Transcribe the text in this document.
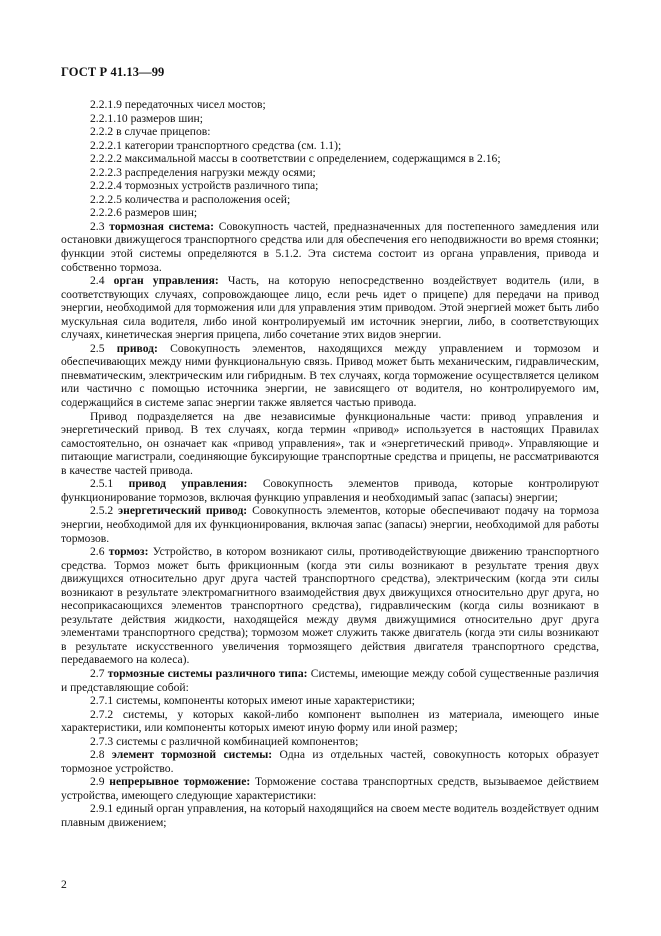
ГОСТ Р 41.13—99

2.2.1.9 передаточных чисел мостов;

2.2.1.10 размеров шин;

2.2.2 в случае прицепов:

2.2.2.1 категории транспортного средства (см. 1.1);

2.2.2.2 максимальной массы в соответствии с определением, содержащимся в 2.16;

2.2.2.3 распределения нагрузки между осями;

2.2.2.4 тормозных устройств различного типа;

2.2.2.5 количества и расположения осей;

2.2.2.6 размеров шин;

2.3 тормозная система: Совокупность частей, предназначенных для постепенного замедления или остановки движущегося транспортного средства или для обеспечения его неподвижности во время стоянки; функции этой системы определяются в 5.1.2. Эта система состоит из органа управления, привода и собственно тормоза.

2.4 орган управления: Часть, на которую непосредственно воздействует водитель (или, в соответствующих случаях, сопровождающее лицо, если речь идет о прицепе) для передачи на привод энергии, необходимой для торможения или для управления этим приводом. Этой энергией может быть либо мускульная сила водителя, либо иной контролируемый им источник энергии, либо, в соответствующих случаях, кинетическая энергия прицепа, либо сочетание этих видов энергии.

2.5 привод: Совокупность элементов, находящихся между управлением и тормозом и обеспечивающих между ними функциональную связь. Привод может быть механическим, гидравлическим, пневматическим, электрическим или гибридным. В тех случаях, когда торможение осуществляется целиком или частично с помощью источника энергии, не зависящего от водителя, но контролируемого им, содержащийся в системе запас энергии также является частью привода.

Привод подразделяется на две независимые функциональные части: привод управления и энергетический привод. В тех случаях, когда термин «привод» используется в настоящих Правилах самостоятельно, он означает как «привод управления», так и «энергетический привод». Управляющие и питающие магистрали, соединяющие буксирующие транспортные средства и прицепы, не рассматриваются в качестве частей привода.

2.5.1 привод управления: Совокупность элементов привода, которые контролируют функционирование тормозов, включая функцию управления и необходимый запас (запасы) энергии;

2.5.2 энергетический привод: Совокупность элементов, которые обеспечивают подачу на тормоза энергии, необходимой для их функционирования, включая запас (запасы) энергии, необходимой для работы тормозов.

2.6 тормоз: Устройство, в котором возникают силы, противодействующие движению транспортного средства. Тормоз может быть фрикционным (когда эти силы возникают в результате трения двух движущихся относительно друг друга частей транспортного средства), электрическим (когда эти силы возникают в результате электромагнитного взаимодействия двух движущихся относительно друг друга, но несоприкасающихся элементов транспортного средства), гидравлическим (когда силы возникают в результате действия жидкости, находящейся между двумя движущимися относительно друг друга элементами транспортного средства); тормозом может служить также двигатель (когда эти силы возникают в результате искусственного увеличения тормозящего действия двигателя транспортного средства, передаваемого на колеса).

2.7 тормозные системы различного типа: Системы, имеющие между собой существенные различия и представляющие собой:

2.7.1 системы, компоненты которых имеют иные характеристики;

2.7.2 системы, у которых какой-либо компонент выполнен из материала, имеющего иные характеристики, или компоненты которых имеют иную форму или иной размер;

2.7.3 системы с различной комбинацией компонентов;

2.8 элемент тормозной системы: Одна из отдельных частей, совокупность которых образует тормозное устройство.

2.9 непрерывное торможение: Торможение состава транспортных средств, вызываемое действием устройства, имеющего следующие характеристики:

2.9.1 единый орган управления, на который находящийся на своем месте водитель воздействует одним плавным движением;

2
